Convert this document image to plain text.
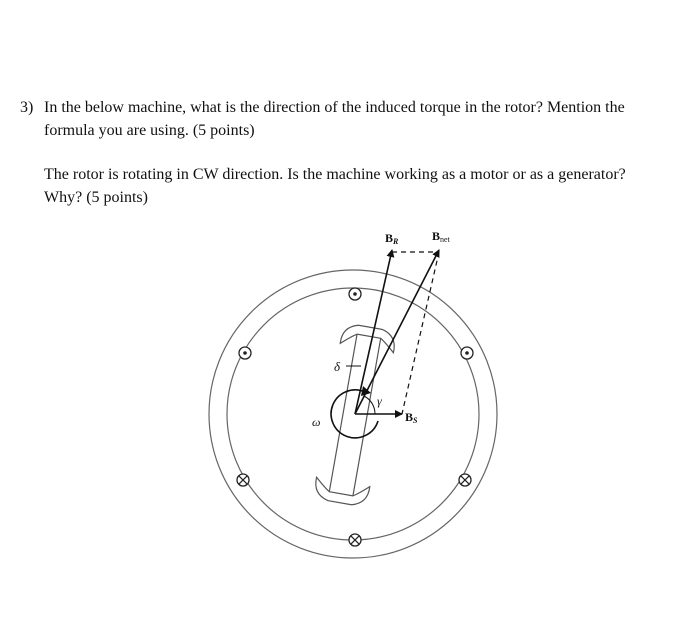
3) In the below machine, what is the direction of the induced torque in the rotor? Mention the
formula you are using. (5 points)
The rotor is rotating in CW direction. Is the machine working as a motor or as a generator?
Why? (5 points)
BR	Bnet
BS
δ
γ
ω
